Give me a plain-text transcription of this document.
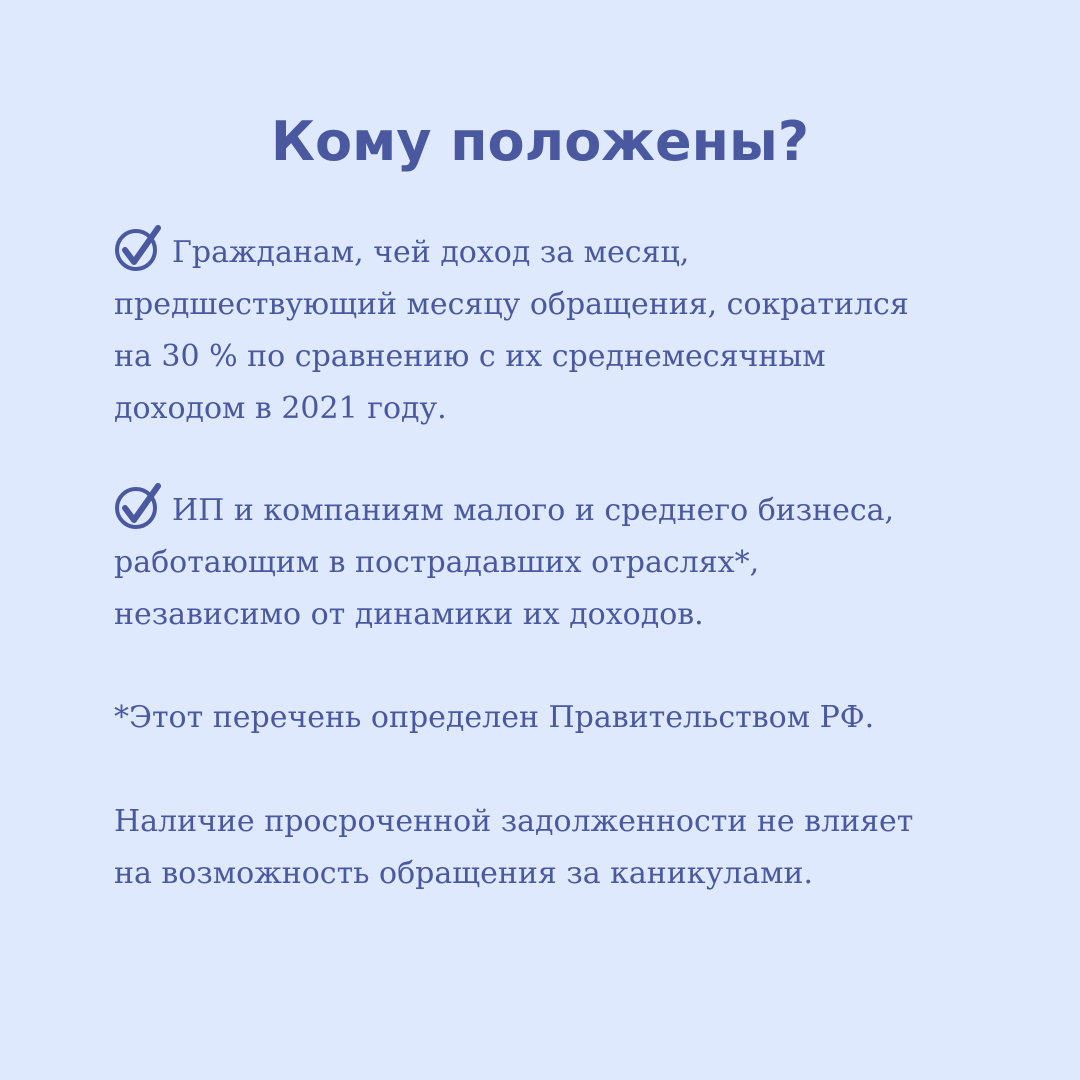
Кому положены?

Гражданам, чей доход за месяц,
предшествующий месяцу обращения, сократился
на 30 % по сравнению с их среднемесячным
доходом в 2021 году.

ИП и компаниям малого и среднего бизнеса,
работающим в пострадавших отраслях*,
независимо от динамики их доходов.

*Этот перечень определен Правительством РФ.

Наличие просроченной задолженности не влияет
на возможность обращения за каникулами.
